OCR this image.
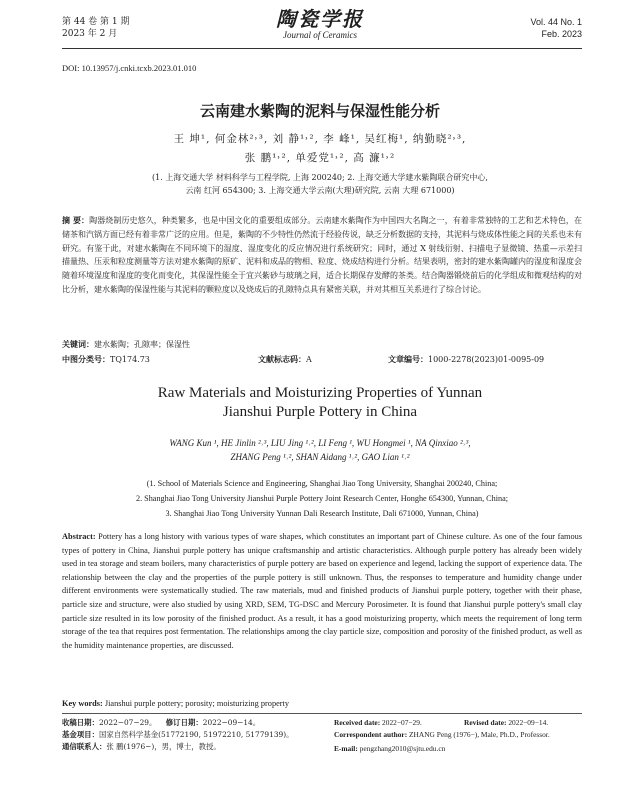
第 44 卷 第 1 期
2023 年 2 月
陶瓷学报
Journal of Ceramics
Vol. 44 No. 1
Feb. 2023
DOI: 10.13957/j.cnki.tcxb.2023.01.010
云南建水紫陶的泥料与保湿性能分析
王 坤¹, 何金林²˒³, 刘 静¹˒², 李 峰¹, 吴红梅¹, 纳勤晓²˒³,
张 鹏¹˒², 单爱党¹˒², 高 濂¹˒²
(1. 上海交通大学 材料科学与工程学院, 上海 200240; 2. 上海交通大学建水紫陶联合研究中心,
云南 红河 654300; 3. 上海交通大学云南(大理)研究院, 云南 大理 671000)
摘 要：陶器烧制历史悠久，种类繁多，也是中国文化的重要组成部分。云南建水紫陶作为中国四大名陶之一，有着非常独特的工艺和艺术特色，在储茶和汽锅方面已经有着非常广泛的应用。但是，紫陶的不少特性仍然流于经验传说，缺乏分析数据的支持，其泥料与烧成体性能之间的关系也未有研究。有鉴于此，对建水紫陶在不同环境下的湿度、湿度变化的反应情况进行系统研究；同时，通过 X 射线衍射、扫描电子显微镜、热重—示差扫描量热、压汞和粒度测量等方法对建水紫陶的原矿、泥料和成品的物相、粒度、烧成结构进行分析。结果表明，密封的建水紫陶罐内的湿度和湿度会随着环境湿度和湿度的变化而变化，其保湿性能全于宜兴紫砂与玻璃之间，适合长期保存发酵的茶类。结合陶器锻烧前后的化学组成和微观结构的对比分析，建水紫陶的保湿性能与其泥料的颗粒度以及烧成后的孔隙特点具有紧密关联，并对其相互关系进行了综合讨论。
关键词：建水紫陶；孔隙率；保湿性
中图分类号：TQ174.73	文献标志码：A	文章编号：1000-2278(2023)01-0095-09
Raw Materials and Moisturizing Properties of Yunnan
Jianshui Purple Pottery in China
WANG Kun ¹, HE Jinlin ²˒³, LIU Jing ¹˒², LI Feng ¹, WU Hongmei ¹, NA Qinxiao ²˒³,
ZHANG Peng ¹˒², SHAN Aidang ¹˒², GAO Lian ¹˒²
(1. School of Materials Science and Engineering, Shanghai Jiao Tong University, Shanghai 200240, China;
2. Shanghai Jiao Tong University Jianshui Purple Pottery Joint Research Center, Honghe 654300, Yunnan, China;
3. Shanghai Jiao Tong University Yunnan Dali Research Institute, Dali 671000, Yunnan, China)
Abstract: Pottery has a long history with various types of ware shapes, which constitutes an important part of Chinese culture. As one of the four famous types of pottery in China, Jianshui purple pottery has unique craftsmanship and artistic characteristics. Although purple pottery has already been widely used in tea storage and steam boilers, many characteristics of purple pottery are based on experience and legend, lacking the support of experience data. The relationship between the clay and the properties of the purple pottery is still unknown. Thus, the responses to temperature and humidity change under different environments were systematically studied. The raw materials, mud and finished products of Jianshui purple pottery, together with their phase, particle size and structure, were also studied by using XRD, SEM, TG-DSC and Mercury Porosimeter. It is found that Jianshui purple pottery's small clay particle size resulted in its low porosity of the finished product. As a result, it has a good moisturizing property, which meets the requirement of long term storage of the tea that requires post fermentation. The relationships among the clay particle size, composition and porosity of the finished product, as well as the humidity maintenance properties, are discussed.
Key words: Jianshui purple pottery; porosity; moisturizing property
收稿日期：2022−07−29。 修订日期：2022−09−14。
基金项目：国家自然科学基金(51772190, 51972210, 51779139)。
通信联系人：张 鹏(1976−)，男，博士，教授。
Received date: 2022−07−29.	Revised date: 2022−09−14.
Correspondent author: ZHANG Peng (1976−), Male, Ph.D., Professor.
E-mail: pengzhang2010@sjtu.edu.cn
